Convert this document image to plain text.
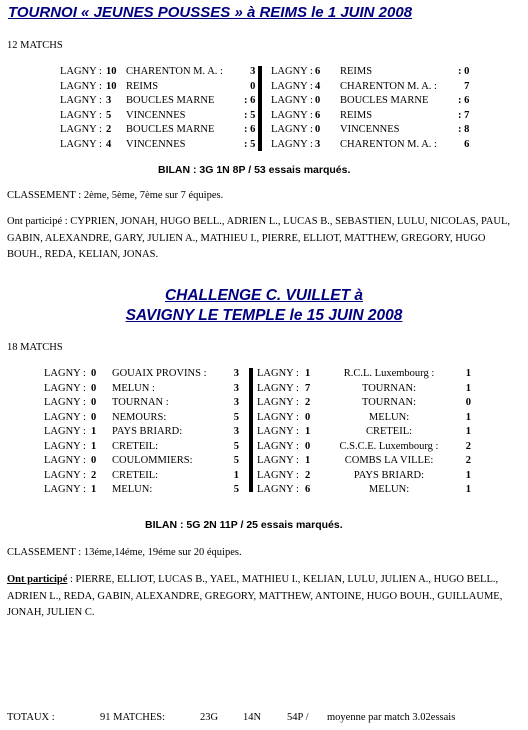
TOURNOI « JEUNES POUSSES » à REIMS le 1 JUIN 2008
12 MATCHS
LAGNY :	10	CHARENTON M. A. :	3
LAGNY :	10	REIMS	0
LAGNY :	3	BOUCLES MARNE	: 6
LAGNY :	5	VINCENNES	: 5
LAGNY :	2	BOUCLES MARNE	: 6
LAGNY :	4	VINCENNES	: 5
LAGNY :	6	REIMS	: 0
LAGNY :	4	CHARENTON M. A. :	7
LAGNY :	0	BOUCLES MARNE	: 6
LAGNY :	6	REIMS	: 7
LAGNY :	0	VINCENNES	: 8
LAGNY :	3	CHARENTON M. A. :	6
BILAN : 3G 1N 8P / 53 essais marqués.
CLASSEMENT : 2ème, 5ème, 7ème sur 7 équipes.
Ont participé : CYPRIEN, JONAH, HUGO BELL., ADRIEN L., LUCAS B., SEBASTIEN, LULU, NICOLAS, PAUL, GABIN, ALEXANDRE, GARY, JULIEN A., MATHIEU I., PIERRE, ELLIOT, MATTHEW, GREGORY, HUGO BOUH., REDA, KELIAN, JONAS.
CHALLENGE C. VUILLET à
SAVIGNY LE TEMPLE le 15 JUIN 2008
18 MATCHS
LAGNY :	0	GOUAIX PROVINS :	3
LAGNY :	0	MELUN :	3
LAGNY :	0	TOURNAN :	3
LAGNY :	0	NEMOURS:	5
LAGNY :	1	PAYS BRIARD:	3
LAGNY :	1	CRETEIL:	5
LAGNY :	0	COULOMMIERS:	5
LAGNY :	2	CRETEIL:	1
LAGNY :	1	MELUN:	5
LAGNY :	1	R.C.L. Luxembourg :	1
LAGNY :	7	TOURNAN:	1
LAGNY :	2	TOURNAN:	0
LAGNY :	0	MELUN:	1
LAGNY :	1	CRETEIL:	1
LAGNY :	0	C.S.C.E. Luxembourg :	2
LAGNY :	1	COMBS LA VILLE:	2
LAGNY :	2	PAYS BRIARD:	1
LAGNY :	6	MELUN:	1
BILAN : 5G 2N 11P / 25 essais marqués.
CLASSEMENT : 13éme,14éme, 19éme sur 20 équipes.
Ont participé : PIERRE, ELLIOT, LUCAS B., YAEL, MATHIEU I., KELIAN, LULU, JULIEN A., HUGO BELL., ADRIEN L., REDA, GABIN, ALEXANDRE, GREGORY, MATTHEW, ANTOINE, HUGO BOUH., GUILLAUME, JONAH, JULIEN C.
TOTAUX :	91 MATCHES:	23G 14N 54P / moyenne par match 3.02essais
